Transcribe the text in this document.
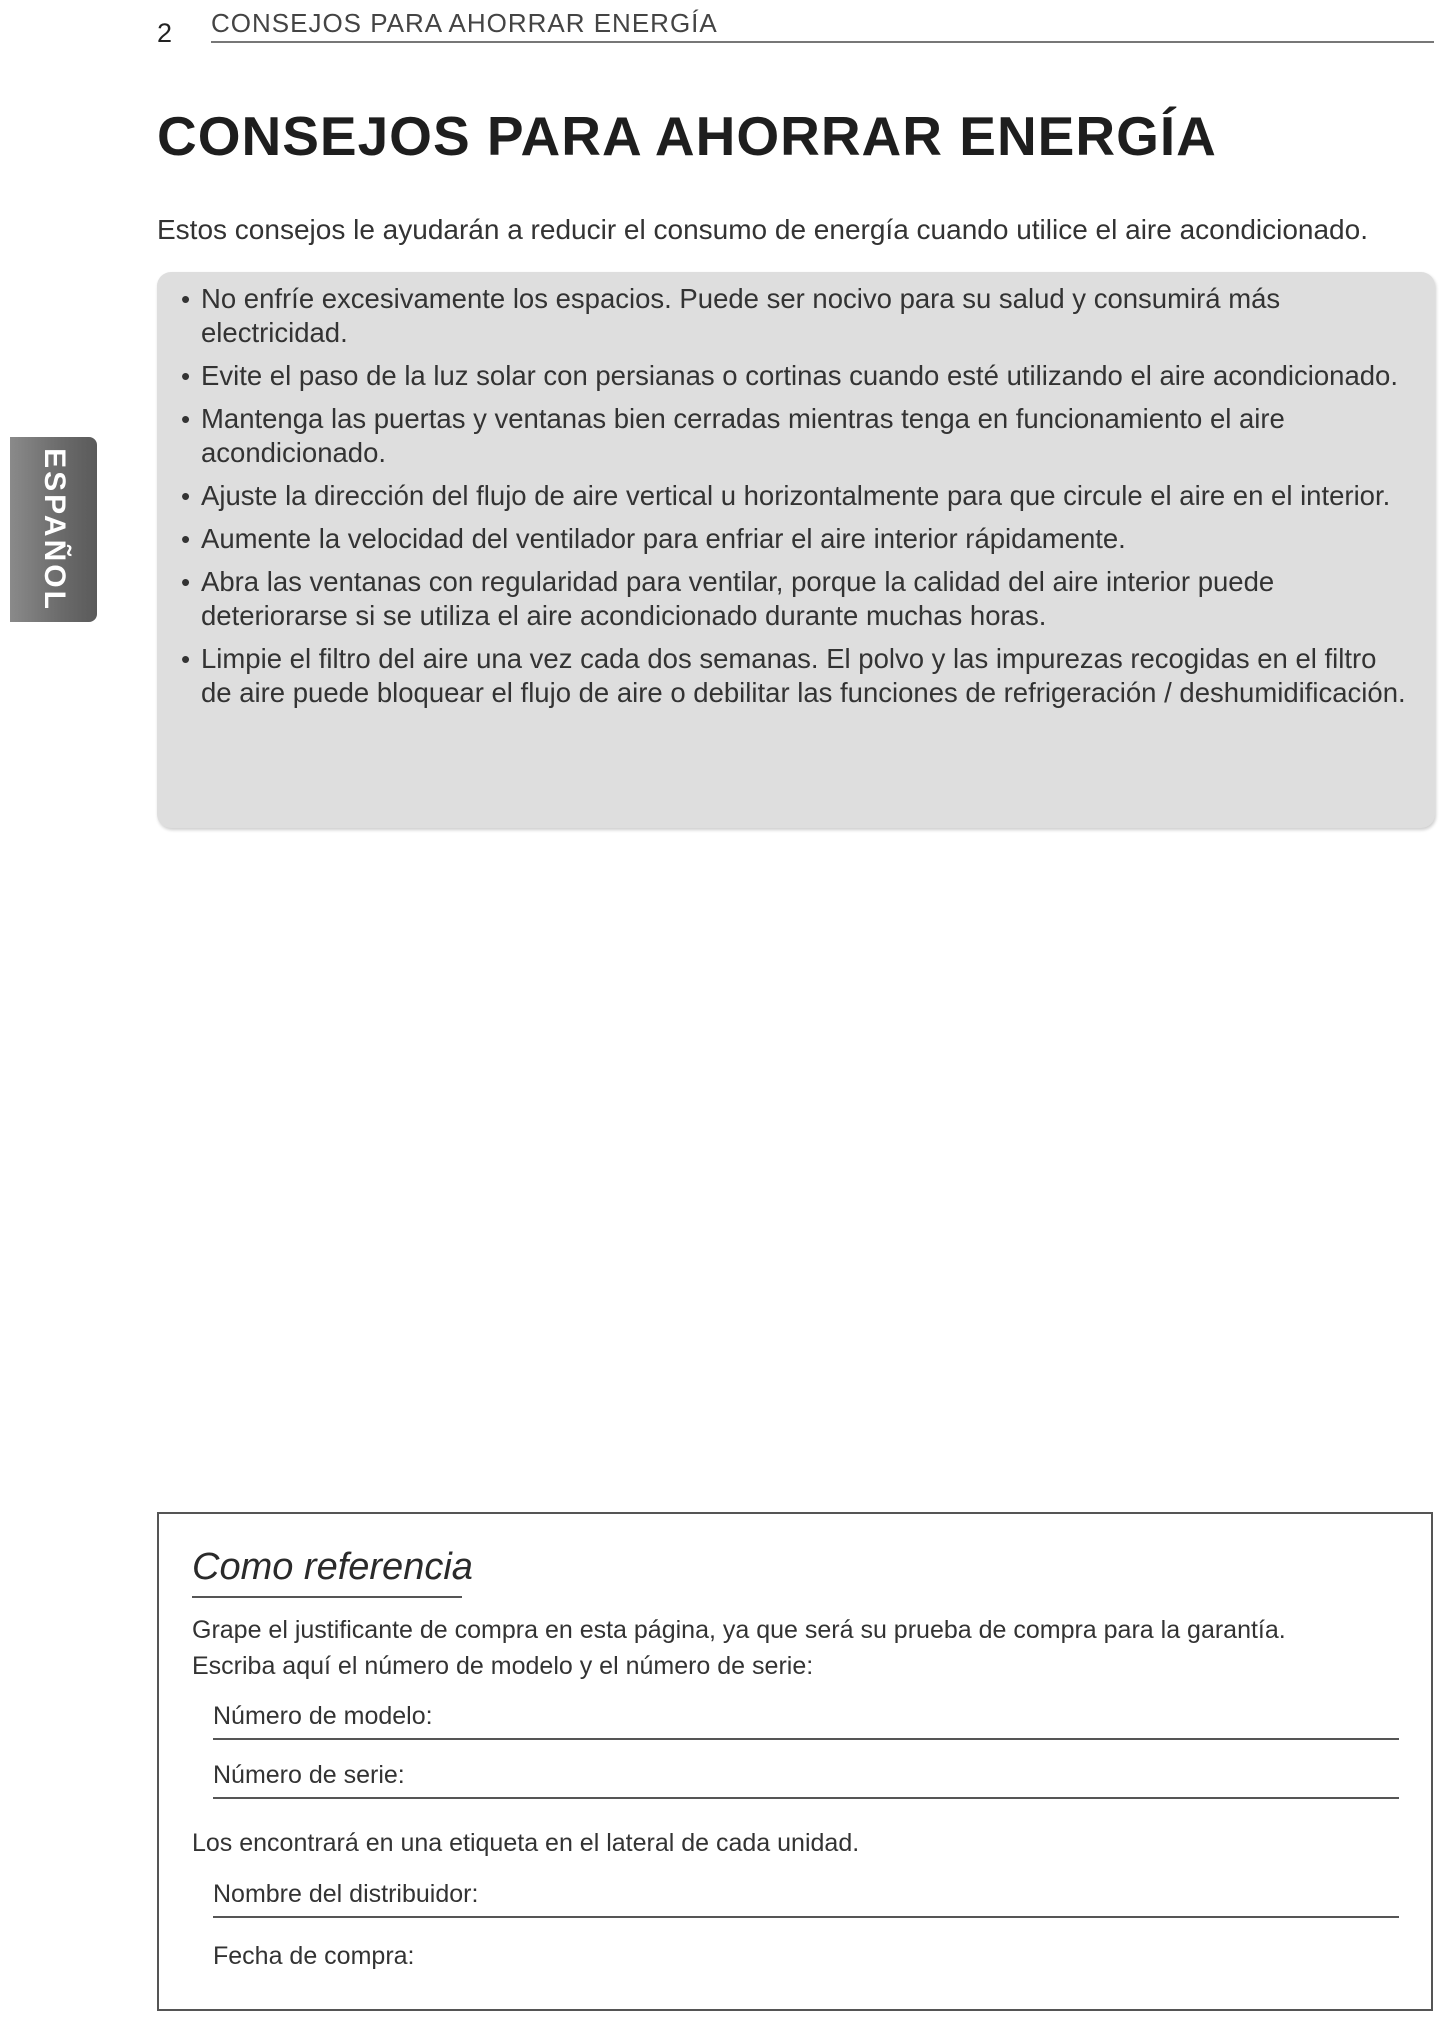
2 CONSEJOS PARA AHORRAR ENERGÍA
CONSEJOS PARA AHORRAR ENERGÍA
Estos consejos le ayudarán a reducir el consumo de energía cuando utilice el aire acondicionado.
• No enfríe excesivamente los espacios. Puede ser nocivo para su salud y consumirá más electricidad.
• Evite el paso de la luz solar con persianas o cortinas cuando esté utilizando el aire acondicionado.
• Mantenga las puertas y ventanas bien cerradas mientras tenga en funcionamiento el aire acondicionado.
• Ajuste la dirección del flujo de aire vertical u horizontalmente para que circule el aire en el interior.
• Aumente la velocidad del ventilador para enfriar el aire interior rápidamente.
• Abra las ventanas con regularidad para ventilar, porque la calidad del aire interior puede deteriorarse si se utiliza el aire acondicionado durante muchas horas.
• Limpie el filtro del aire una vez cada dos semanas. El polvo y las impurezas recogidas en el filtro de aire puede bloquear el flujo de aire o debilitar las funciones de refrigeración / deshumidificación.
ESPAÑOL
Como referencia
Grape el justificante de compra en esta página, ya que será su prueba de compra para la garantía.
Escriba aquí el número de modelo y el número de serie:
Número de modelo:
Número de serie:
Los encontrará en una etiqueta en el lateral de cada unidad.
Nombre del distribuidor:
Fecha de compra:
